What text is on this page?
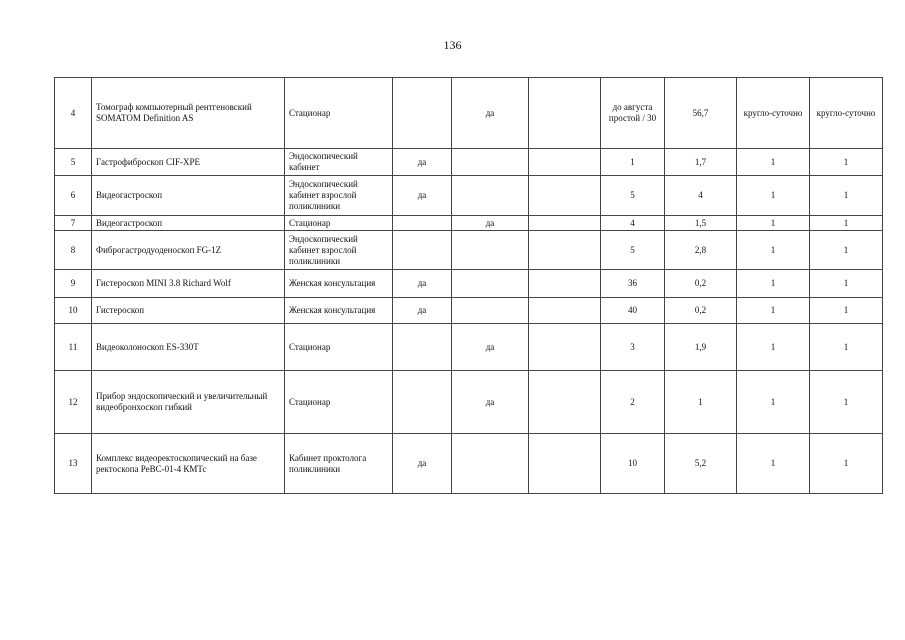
136
4	Томограф компьютерный рентгеновский SOMATOM Definition AS	Стационар		да		до августа простой / 30	56,7	кругло-суточно	кругло-суточно
5	Гастрофиброскоп CIF-XPE	Эндоскопический кабинет	да			1	1,7	1	1
6	Видеогастроскоп	Эндоскопический кабинет взрослой поликлиники	да			5	4	1	1
7	Видеогастроскоп	Стационар		да		4	1,5	1	1
8	Фиброгастродуоденоскоп FG-1Z	Эндоскопический кабинет взрослой поликлиники				5	2,8	1	1
9	Гистероскоп MINI 3.8 Richard Wolf	Женская консультация	да			36	0,2	1	1
10	Гистероскоп	Женская консультация	да			40	0,2	1	1
11	Видеоколоноскоп ES-330T	Стационар		да		3	1,9	1	1
12	Прибор эндоскопический и увеличительный видеобронхоскоп гибкий	Стационар		да		2	1	1	1
13	Комплекс видеоректоскопический на базе ректоскопа РеВС-01-4 КМТс	Кабинет проктолога поликлиники	да			10	5,2	1	1
